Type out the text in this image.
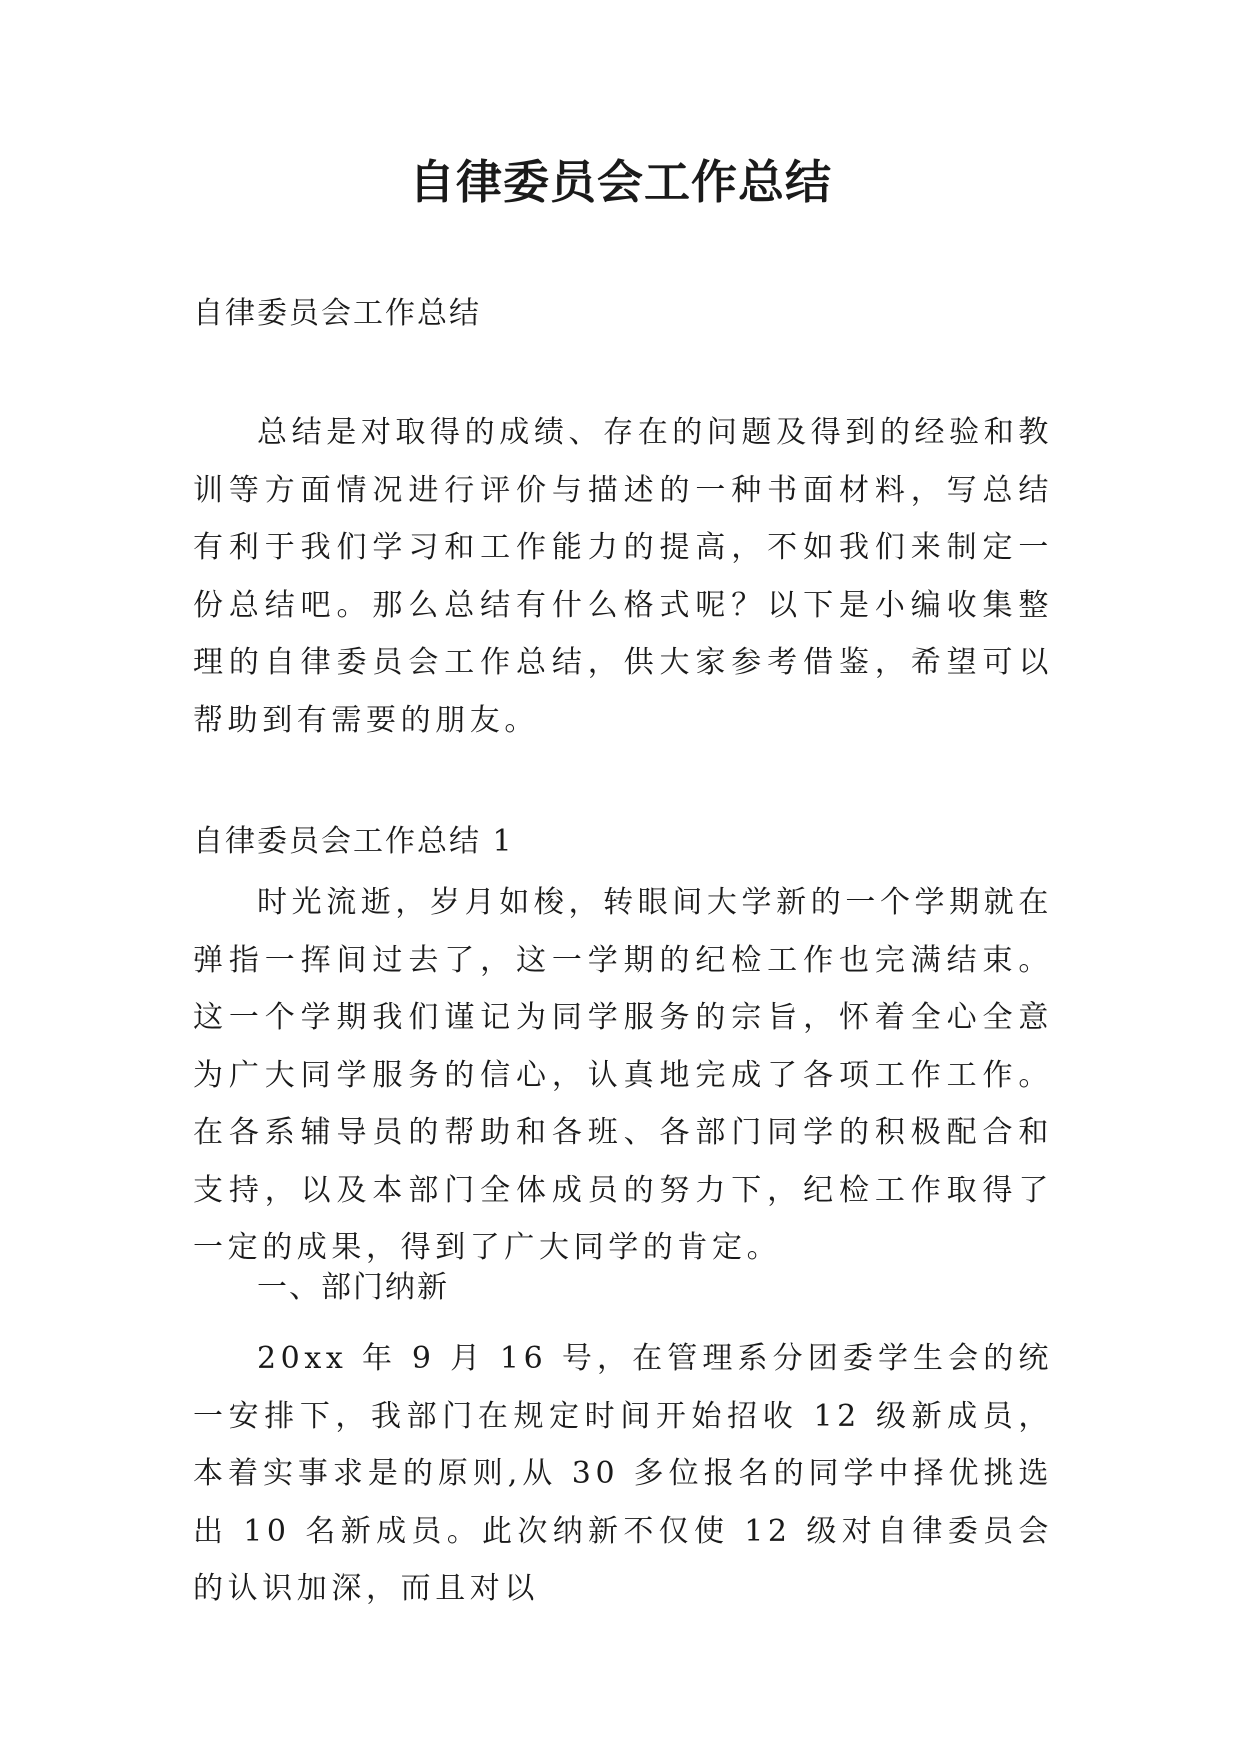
自律委员会工作总结

自律委员会工作总结

总结是对取得的成绩、存在的问题及得到的经验和教训等方面情况进行评价与描述的一种书面材料，写总结有利于我们学习和工作能力的提高，不如我们来制定一份总结吧。那么总结有什么格式呢？以下是小编收集整理的自律委员会工作总结，供大家参考借鉴，希望可以帮助到有需要的朋友。

自律委员会工作总结 1

时光流逝，岁月如梭，转眼间大学新的一个学期就在弹指一挥间过去了，这一学期的纪检工作也完满结束。这一个学期我们谨记为同学服务的宗旨，怀着全心全意为广大同学服务的信心，认真地完成了各项工作工作。在各系辅导员的帮助和各班、各部门同学的积极配合和支持，以及本部门全体成员的努力下，纪检工作取得了一定的成果，得到了广大同学的肯定。

一、部门纳新

20xx 年 9 月 16 号，在管理系分团委学生会的统一安排下，我部门在规定时间开始招收 12 级新成员，本着实事求是的原则,从 30 多位报名的同学中择优挑选出 10 名新成员。此次纳新不仅使 12 级对自律委员会的认识加深，而且对以
